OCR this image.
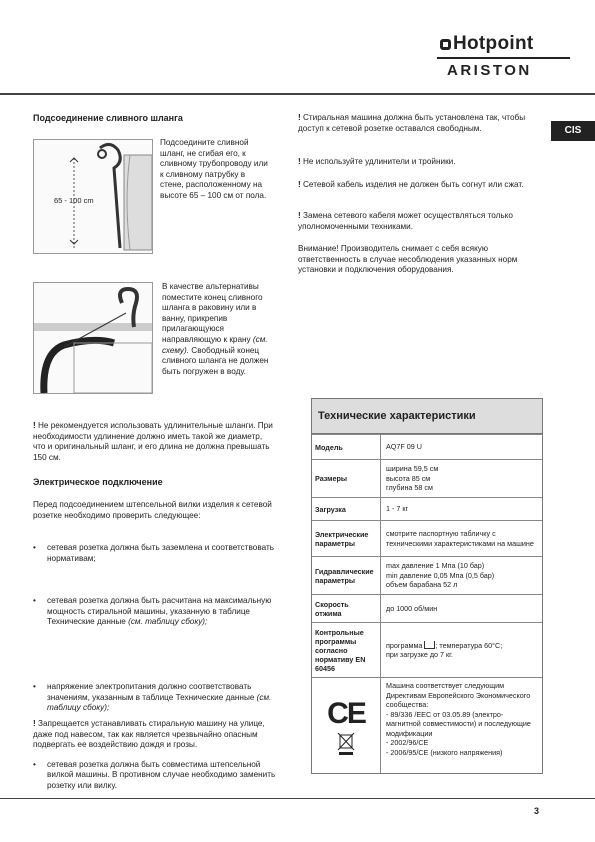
Hotpoint
ARISTON
CIS
Подсоединение сливного шланга
65 - 100 cm
Подсоедините сливной шланг, не сгибая его, к сливному трубопроводу или к сливному патрубку в стене, расположенному на высоте 65 – 100 см от пола.
В качестве альтернативы поместите конец сливного шланга в раковину или в ванну, прикрепив прилагающуюся направляющую к крану (см. схему). Свободный конец сливного шланга не должен быть погружен в воду.
! Не рекомендуется использовать удлинительные шланги. При необходимости удлинение должно иметь такой же диаметр, что и оригинальный шланг, и его длина не должна превышать 150 см.
Электрическое подключение
Перед подсоединением штепсельной вилки изделия к сетевой розетке необходимо проверить следующее:
• сетевая розетка должна быть заземлена и соответствовать нормативам;
• сетевая розетка должна быть расчитана на максимальную мощность стиральной машины, указанную в таблице Технические данные (см. таблицу сбоку);
• напряжение электропитания должно соответствовать значениям, указанным в таблице Технические данные (см. таблицу сбоку);
• сетевая розетка должна быть совместима штепсельной вилкой машины. В противном случае необходимо заменить розетку или вилку.
! Запрещается устанавливать стиральную машину на улице, даже под навесом, так как является чрезвычайно опасным подвергать ее воздействию дождя и грозы.
! Стиральная машина должна быть установлена так, чтобы доступ к сетевой розетке оставался свободным.
! Не используйте удлинители и тройники.
! Сетевой кабель изделия не должен быть согнут или сжат.
! Замена сетевого кабеля может осуществляться только уполномоченными техниками.
Внимание! Производитель снимает с себя всякую ответственность в случае несоблюдения указанных норм установки и подключения оборудования.
Технические характеристики
Модель	AQ7F 09 U
Размеры
ширина 59,5 см
высота 85 см
глубина 58 см
Загрузка	1 - 7 кг
Электрические параметры
смотрите паспортную табличку с техническими характеристиками на машине
Гидравлические параметры
max давление 1 Мпа (10 бар)
min давление 0,05 Мпа (0,5 бар)
объем барабана 52 л
Скорость отжима
до 1000 об/мин
Контрольные программы согласно нормативу EN 60456
программа ; температура 60°C;
при загрузке до 7 кг.
CE
Машина соответствует следующим Директивам Европейского Экономического сообщества:
- 89/336 /EEC от 03.05.89 (электро- магнитной совместимости) и последующие модификации
- 2002/96/CE
- 2006/95/CE (низкого напряжения)
3
